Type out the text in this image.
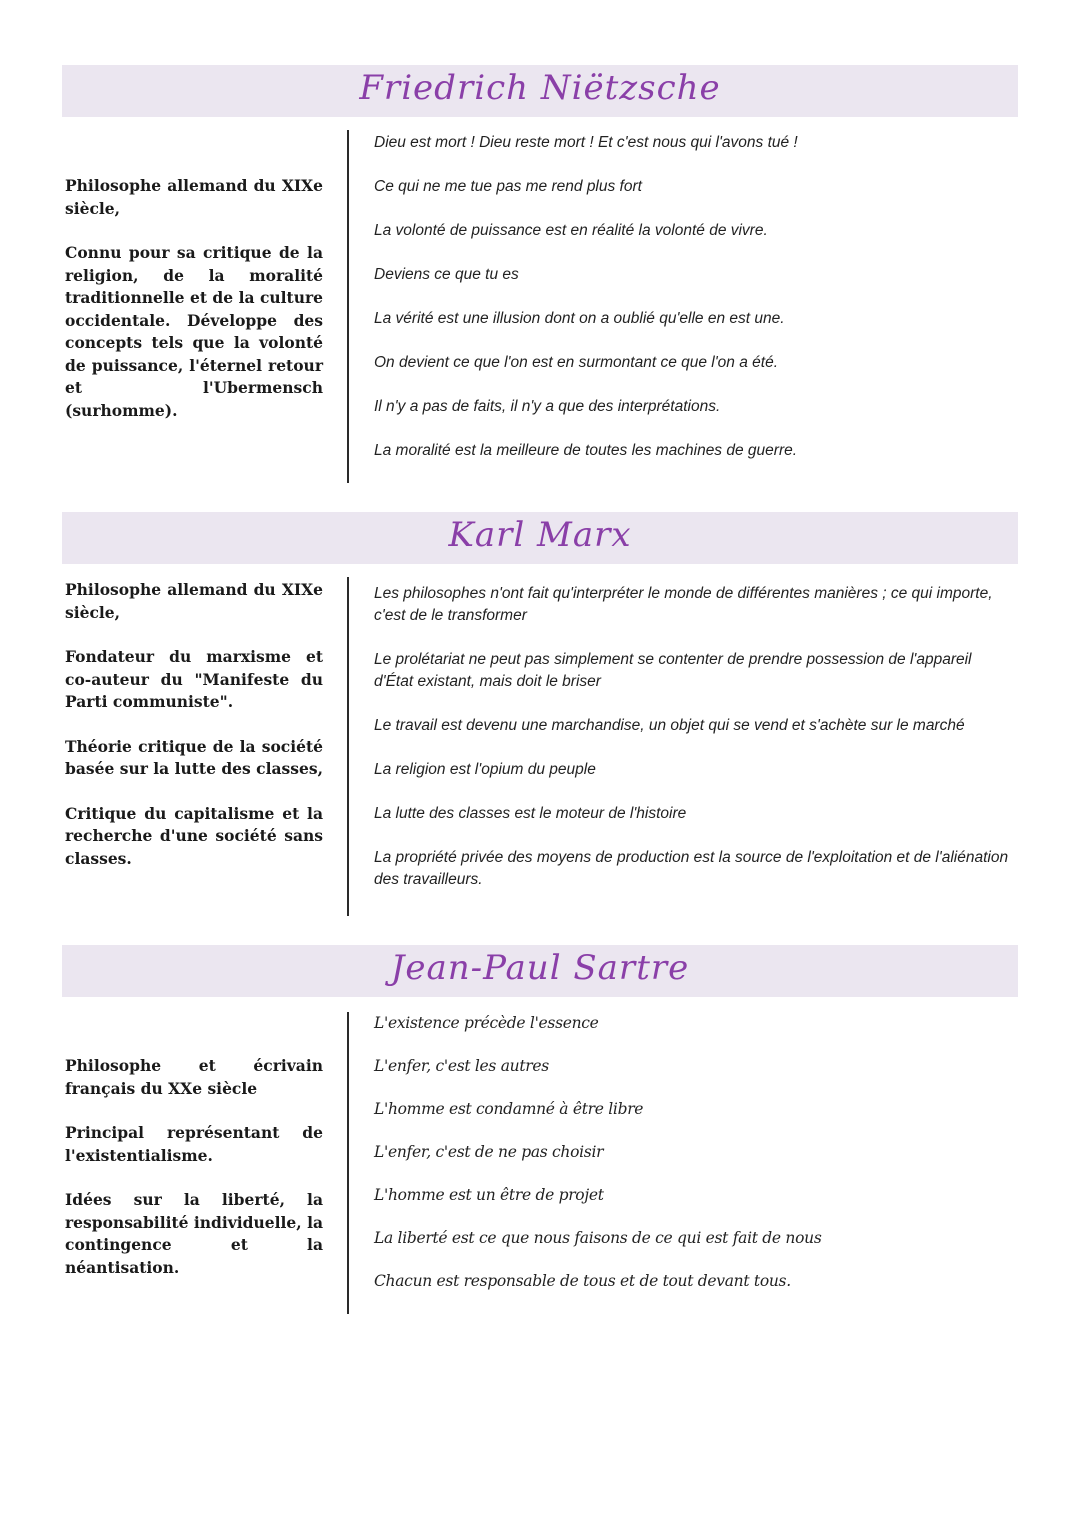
Friedrich Niëtzsche

Philosophe allemand du XIXe siècle,

Connu pour sa critique de la religion, de la moralité traditionnelle et de la culture occidentale. Développe des concepts tels que la volonté de puissance, l'éternel retour et l'Ubermensch (surhomme).

Dieu est mort ! Dieu reste mort ! Et c'est nous qui l'avons tué !
Ce qui ne me tue pas me rend plus fort
La volonté de puissance est en réalité la volonté de vivre.
Deviens ce que tu es
La vérité est une illusion dont on a oublié qu'elle en est une.
On devient ce que l'on est en surmontant ce que l'on a été.
Il n'y a pas de faits, il n'y a que des interprétations.
La moralité est la meilleure de toutes les machines de guerre.
Karl Marx

Philosophe allemand du XIXe siècle,

Fondateur du marxisme et co-auteur du "Manifeste du Parti communiste".

Théorie critique de la société basée sur la lutte des classes,

Critique du capitalisme et la recherche d'une société sans classes.

Les philosophes n'ont fait qu'interpréter le monde de différentes manières ; ce qui importe, c'est de le transformer
Le prolétariat ne peut pas simplement se contenter de prendre possession de l'appareil d'État existant, mais doit le briser
Le travail est devenu une marchandise, un objet qui se vend et s'achète sur le marché
La religion est l'opium du peuple
La lutte des classes est le moteur de l'histoire
La propriété privée des moyens de production est la source de l'exploitation et de l'aliénation des travailleurs.
Jean-Paul Sartre

Philosophe et écrivain français du XXe siècle

Principal représentant de l'existentialisme.

Idées sur la liberté, la responsabilité individuelle, la contingence et la néantisation.

L'existence précède l'essence
L'enfer, c'est les autres
L'homme est condamné à être libre
L'enfer, c'est de ne pas choisir
L'homme est un être de projet
La liberté est ce que nous faisons de ce qui est fait de nous
Chacun est responsable de tous et de tout devant tous.
